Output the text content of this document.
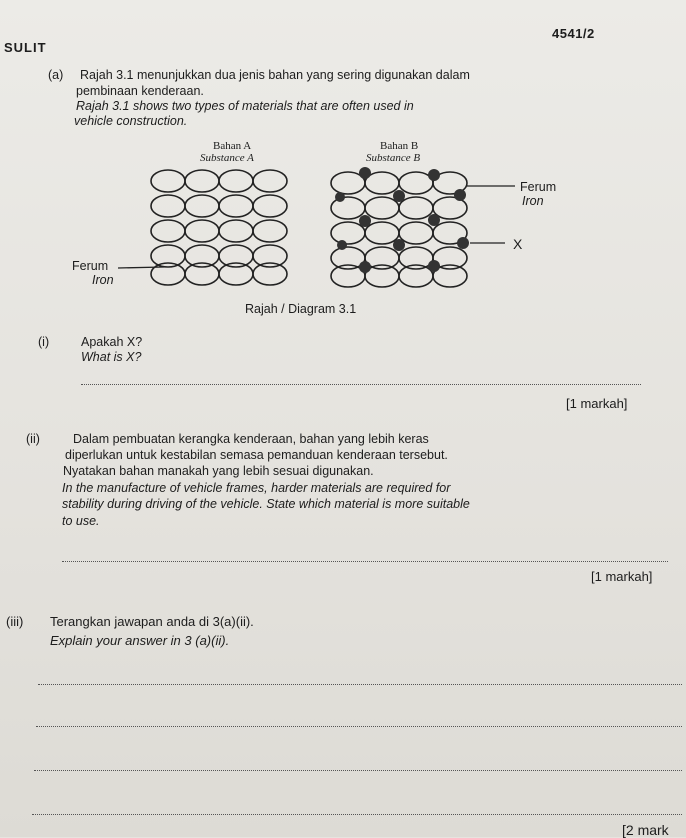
SULIT
4541/2
(a) Rajah 3.1 menunjukkan dua jenis bahan yang sering digunakan dalam
pembinaan kenderaan.
Rajah 3.1 shows two types of materials that are often used in
vehicle construction.
Bahan A
Substance A
Bahan B
Substance B
Ferum
Iron
Ferum
Iron
X
Rajah / Diagram 3.1
(i)	Apakah X?
What is X?
[1 markah]
(ii)	Dalam pembuatan kerangka kenderaan, bahan yang lebih keras
diperlukan untuk kestabilan semasa pemanduan kenderaan tersebut.
Nyatakan bahan manakah yang lebih sesuai digunakan.
In the manufacture of vehicle frames, harder materials are required for
stability during driving of the vehicle. State which material is more suitable
to use.
[1 markah]
(iii) Terangkan jawapan anda di 3(a)(ii).
Explain your answer in 3 (a)(ii).
[2 mark
